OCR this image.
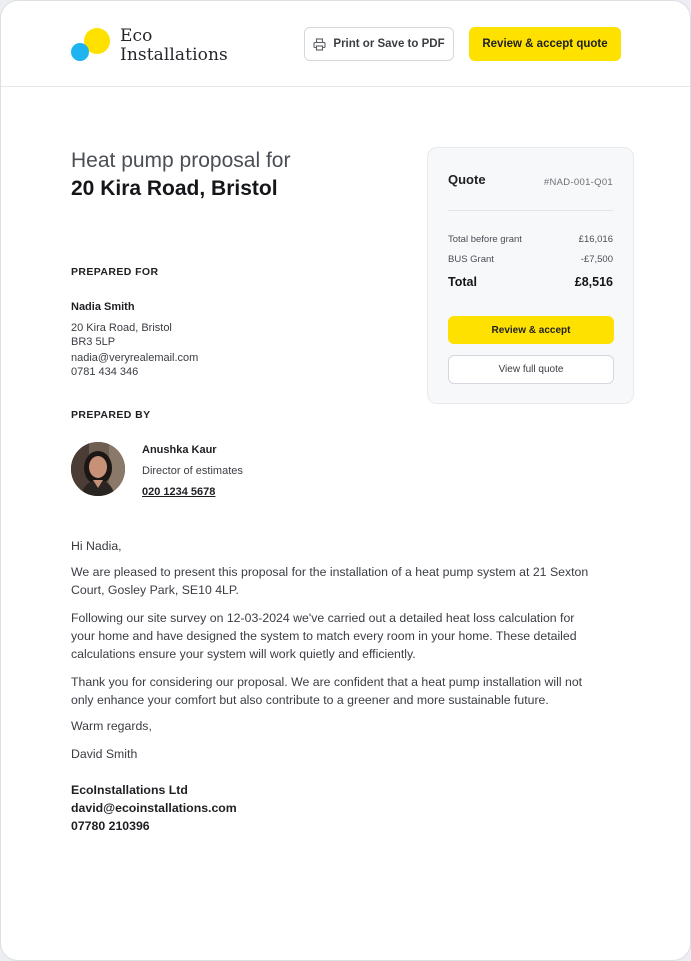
Eco
Installations
Print or Save to PDF	Review & accept quote
Heat pump proposal for
20 Kira Road, Bristol
PREPARED FOR
Nadia Smith
20 Kira Road, Bristol
BR3 5LP
nadia@veryrealemail.com
0781 434 346
PREPARED BY
Anushka Kaur
Director of estimates
020 1234 5678
Hi Nadia,
We are pleased to present this proposal for the installation of a heat pump system at 21 Sexton Court, Gosley Park, SE10 4LP.
Following our site survey on 12-03-2024 we've carried out a detailed heat loss calculation for your home and have designed the system to match every room in your home. These detailed calculations ensure your system will work quietly and efficiently.
Thank you for considering our proposal. We are confident that a heat pump installation will not only enhance your comfort but also contribute to a greener and more sustainable future.
Warm regards,
David Smith
EcoInstallations Ltd
david@ecoinstallations.com
07780 210396
Quote	#NAD-001-Q01
Total before grant	£16,016
BUS Grant	-£7,500
Total	£8,516
Review & accept
View full quote
